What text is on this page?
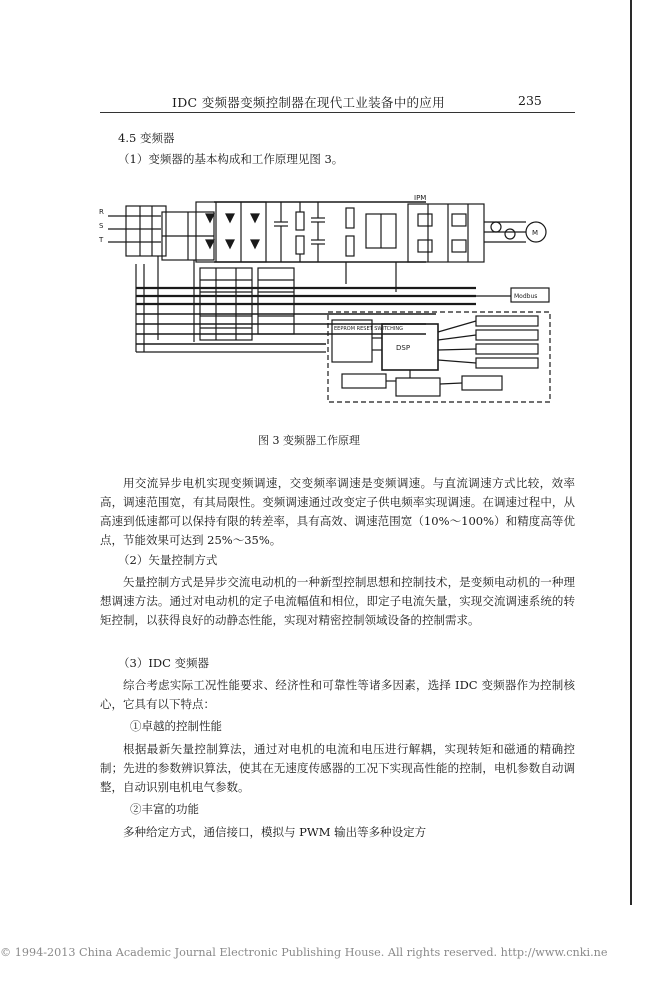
IDC 变频器变频控制器在现代工业装备中的应用	235
4.5 变频器
（1）变频器的基本构成和工作原理见图 3。
R
S
T
IPM
M
Modbus
DSP
EEPROM RESET SWITCHING
图 3 变频器工作原理

用交流异步电机实现变频调速，交变频率调速是变频调速。与直流调速方式比较，效率高，调速范围宽，有其局限性。变频调速通过改变定子供电频率实现调速。在调速过程中，从高速到低速都可以保持有限的转差率，具有高效、调速范围宽（10%～100%）和精度高等优点，节能效果可达到 25%～35%。

（2）矢量控制方式

矢量控制方式是异步交流电动机的一种新型控制思想和控制技术，是变频电动机的一种理想调速方法。通过对电动机的定子电流幅值和相位，即定子电流矢量，实现交流调速系统的转矩控制，以获得良好的动静态性能，实现对精密控制领域设备的控制需求。

（3）IDC 变频器

综合考虑实际工况性能要求、经济性和可靠性等诸多因素，选择 IDC 变频器作为控制核心，它具有以下特点：

①卓越的控制性能

根据最新矢量控制算法，通过对电机的电流和电压进行解耦，实现转矩和磁通的精确控制；先进的参数辨识算法，使其在无速度传感器的工况下实现高性能的控制，电机参数自动调整，自动识别电机电气参数。

②丰富的功能

多种给定方式，通信接口，模拟与 PWM 输出等多种设定方

© 1994-2013 China Academic Journal Electronic Publishing House. All rights reserved. http://www.cnki.ne
